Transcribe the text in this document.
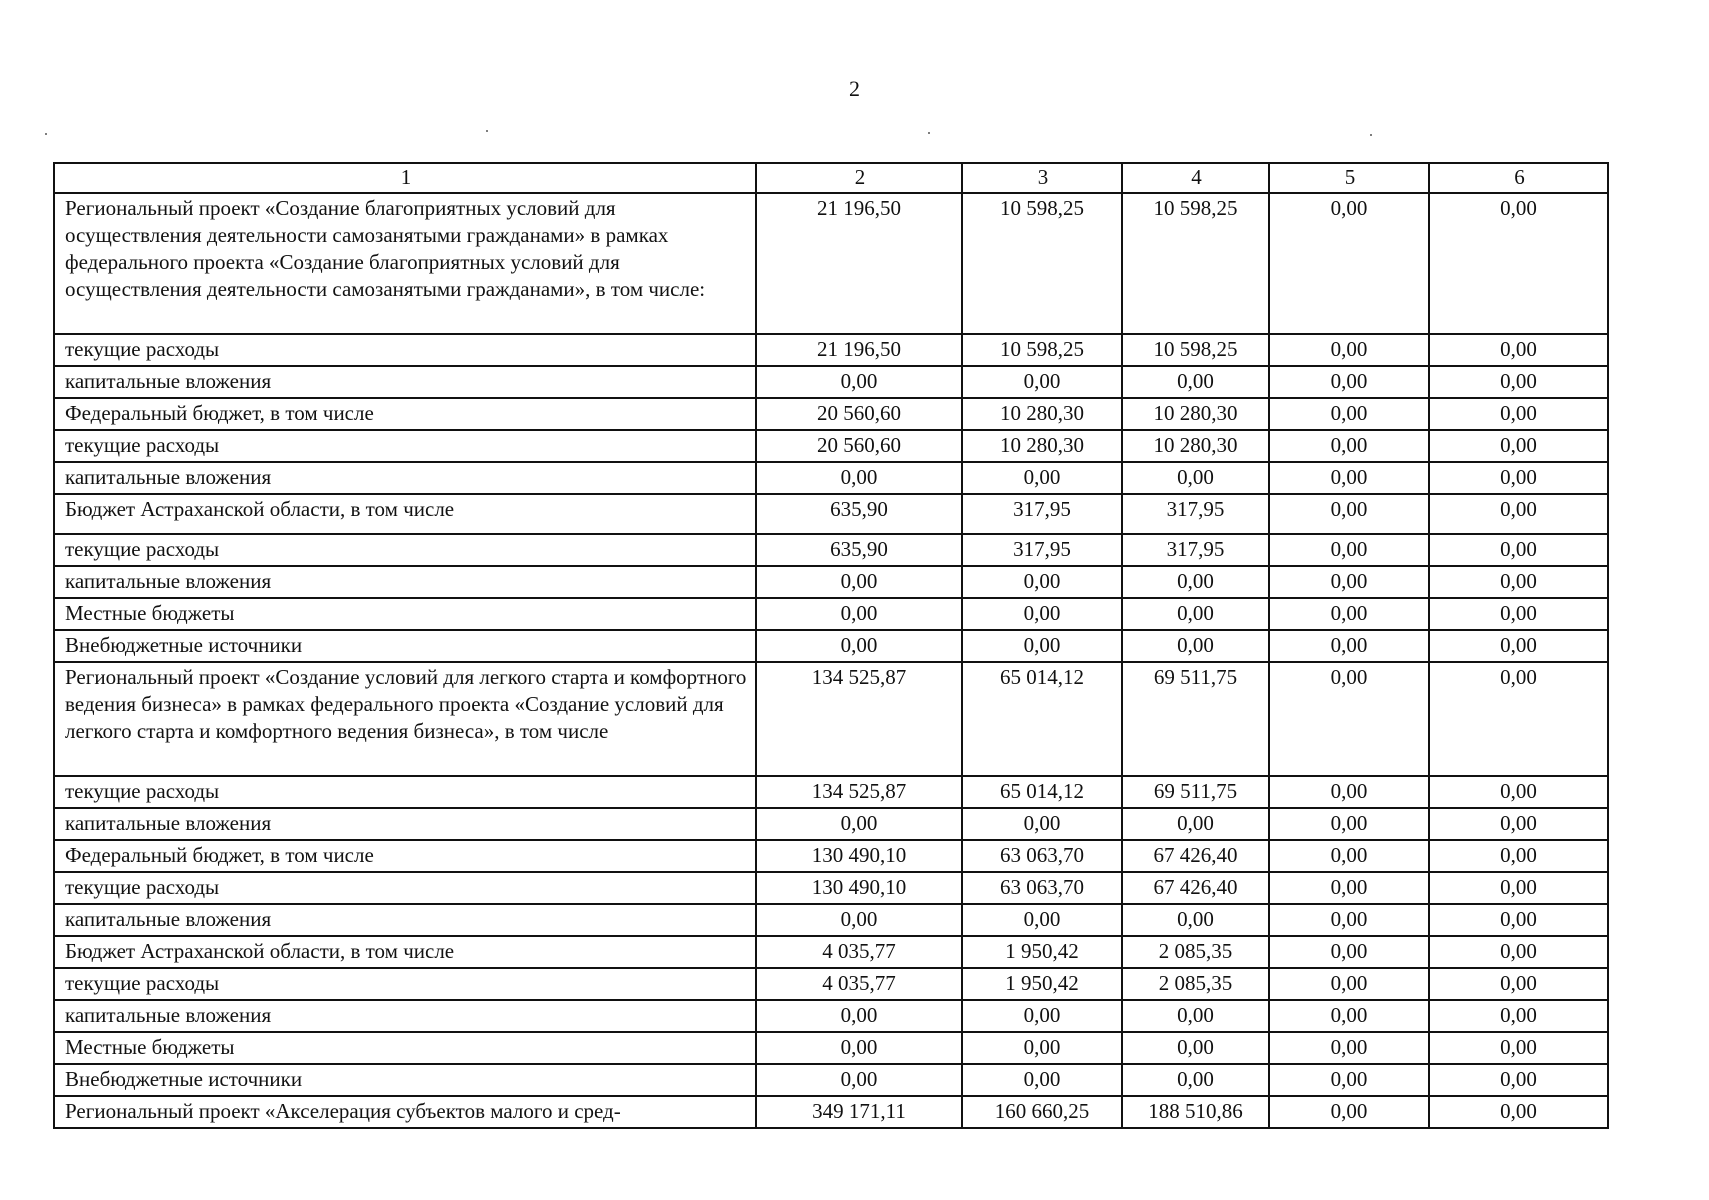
2
1	2	3	4	5	6
Региональный проект «Создание благоприятных условий для осуществления деятельности самозанятыми гражданами» в рамках федерального проекта «Создание благоприятных условий для осуществления деятельности самозанятыми гражданами», в том числе:	21 196,50	10 598,25	10 598,25	0,00	0,00
текущие расходы	21 196,50	10 598,25	10 598,25	0,00	0,00
капитальные вложения	0,00	0,00	0,00	0,00	0,00
Федеральный бюджет, в том числе	20 560,60	10 280,30	10 280,30	0,00	0,00
текущие расходы	20 560,60	10 280,30	10 280,30	0,00	0,00
капитальные вложения	0,00	0,00	0,00	0,00	0,00
Бюджет Астраханской области, в том числе	635,90	317,95	317,95	0,00	0,00
текущие расходы	635,90	317,95	317,95	0,00	0,00
капитальные вложения	0,00	0,00	0,00	0,00	0,00
Местные бюджеты	0,00	0,00	0,00	0,00	0,00
Внебюджетные источники	0,00	0,00	0,00	0,00	0,00
Региональный проект «Создание условий для легкого старта и комфортного ведения бизнеса» в рамках федерального проекта «Создание условий для легкого старта и комфортного ведения бизнеса», в том числе	134 525,87	65 014,12	69 511,75	0,00	0,00
текущие расходы	134 525,87	65 014,12	69 511,75	0,00	0,00
капитальные вложения	0,00	0,00	0,00	0,00	0,00
Федеральный бюджет, в том числе	130 490,10	63 063,70	67 426,40	0,00	0,00
текущие расходы	130 490,10	63 063,70	67 426,40	0,00	0,00
капитальные вложения	0,00	0,00	0,00	0,00	0,00
Бюджет Астраханской области, в том числе	4 035,77	1 950,42	2 085,35	0,00	0,00
текущие расходы	4 035,77	1 950,42	2 085,35	0,00	0,00
капитальные вложения	0,00	0,00	0,00	0,00	0,00
Местные бюджеты	0,00	0,00	0,00	0,00	0,00
Внебюджетные источники	0,00	0,00	0,00	0,00	0,00
Региональный проект «Акселерация субъектов малого и сред-	349 171,11	160 660,25	188 510,86	0,00	0,00
